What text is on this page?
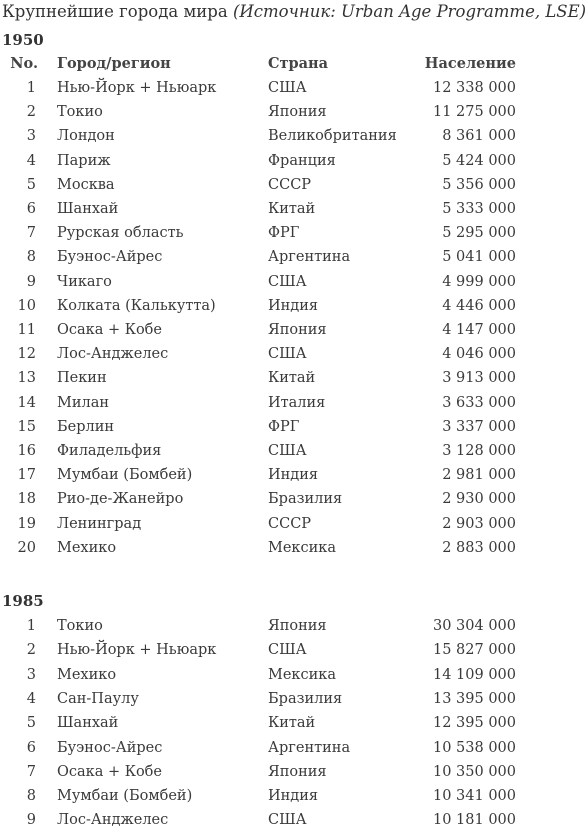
Крупнейшие города мира (Источник: Urban Age Programme, LSE)
1950
No. Город/регион	Страна	Население
1 Нью-Йорк + Ньюарк	США	12 338 000
2 Токио	Япония	11 275 000
3 Лондон	Великобритания	8 361 000
4 Париж	Франция	5 424 000
5 Москва	СССР	5 356 000
6 Шанхай	Китай	5 333 000
7 Рурская область	ФРГ	5 295 000
8 Буэнос-Айрес	Аргентина	5 041 000
9 Чикаго	США	4 999 000
10 Колката (Калькутта)	Индия	4 446 000
11 Осака + Кобе	Япония	4 147 000
12 Лос-Анджелес	США	4 046 000
13 Пекин	Китай	3 913 000
14 Милан	Италия	3 633 000
15 Берлин	ФРГ	3 337 000
16 Филадельфия	США	3 128 000
17 Мумбаи (Бомбей)	Индия	2 981 000
18 Рио-де-Жанейро	Бразилия	2 930 000
19 Ленинград	СССР	2 903 000
20 Мехико	Мексика	2 883 000
1985
1 Токио	Япония	30 304 000
2 Нью-Йорк + Ньюарк	США	15 827 000
3 Мехико	Мексика	14 109 000
4 Сан-Паулу	Бразилия	13 395 000
5 Шанхай	Китай	12 395 000
6 Буэнос-Айрес	Аргентина	10 538 000
7 Осака + Кобе	Япония	10 350 000
8 Мумбаи (Бомбей)	Индия	10 341 000
9 Лос-Анджелес	США	10 181 000
